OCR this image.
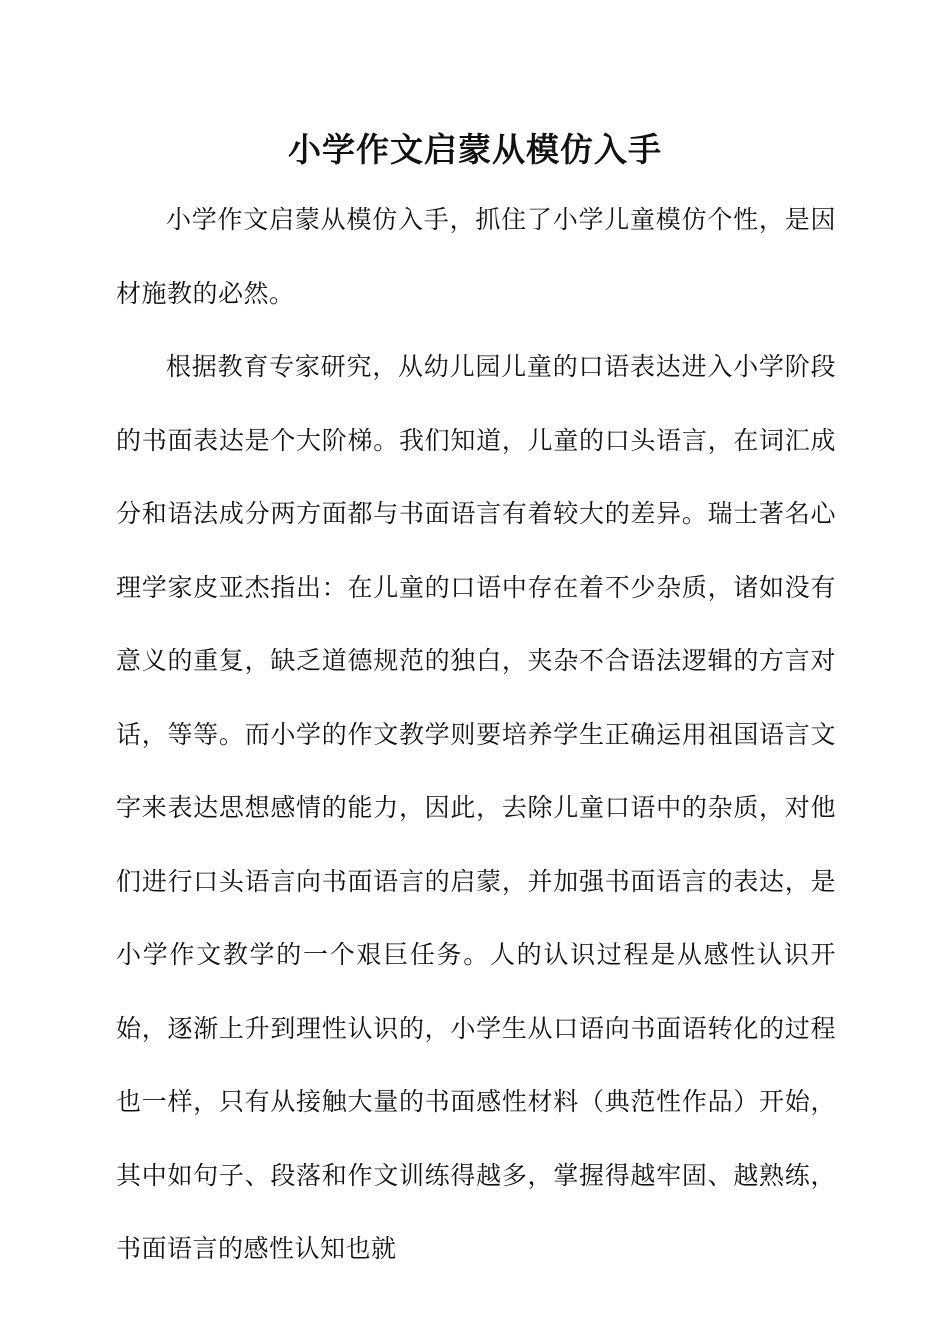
小学作文启蒙从模仿入手

小学作文启蒙从模仿入手，抓住了小学儿童模仿个性，是因材施教的必然。

根据教育专家研究，从幼儿园儿童的口语表达进入小学阶段的书面表达是个大阶梯。我们知道，儿童的口头语言，在词汇成分和语法成分两方面都与书面语言有着较大的差异。瑞士著名心理学家皮亚杰指出：在儿童的口语中存在着不少杂质，诸如没有意义的重复，缺乏道德规范的独白，夹杂不合语法逻辑的方言对话，等等。而小学的作文教学则要培养学生正确运用祖国语言文字来表达思想感情的能力，因此，去除儿童口语中的杂质，对他们进行口头语言向书面语言的启蒙，并加强书面语言的表达，是小学作文教学的一个艰巨任务。人的认识过程是从感性认识开始，逐渐上升到理性认识的，小学生从口语向书面语转化的过程也一样，只有从接触大量的书面感性材料（典范性作品）开始，其中如句子、段落和作文训练得越多，掌握得越牢固、越熟练，书面语言的感性认知也就
